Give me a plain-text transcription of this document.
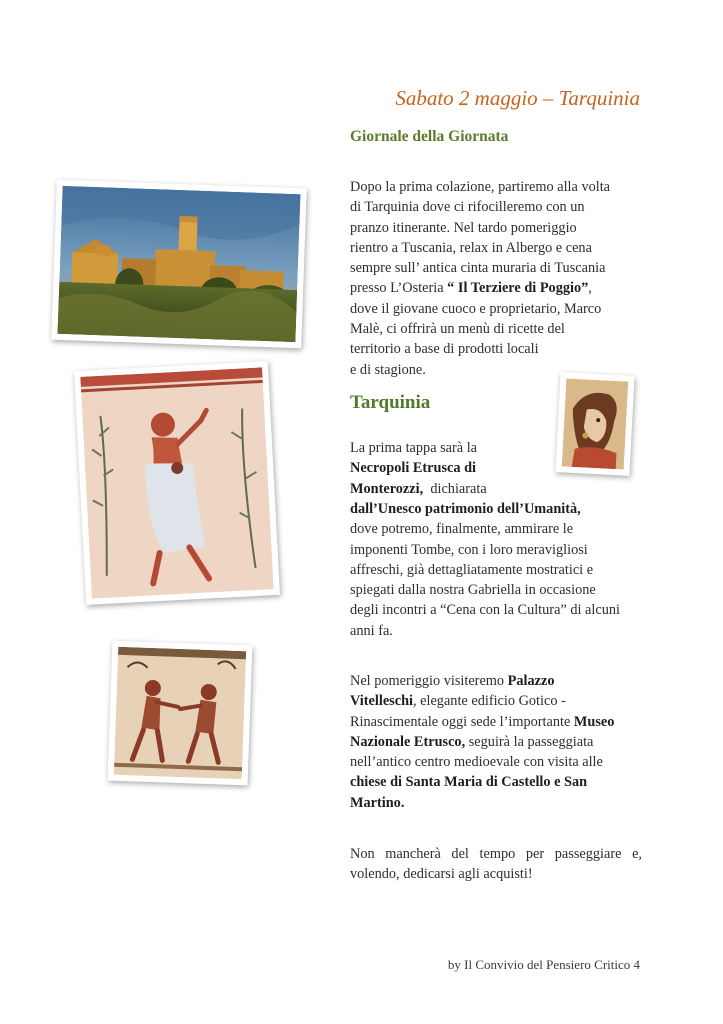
Sabato 2 maggio – Tarquinia
Giornale della Giornata
Dopo la prima colazione, partiremo alla volta
di Tarquinia dove ci rifocilleremo con un
pranzo itinerante. Nel tardo pomeriggio
rientro a Tuscania, relax in Albergo e cena
sempre sull’ antica cinta muraria di Tuscania
presso L’Osteria “ Il Terziere di Poggio”,
dove il giovane cuoco e proprietario, Marco
Malè, ci offrirà un menù di ricette del
territorio a base di prodotti locali
e di stagione.
Tarquinia
La prima tappa sarà la
Necropoli Etrusca di
Monterozzi, dichiarata
dall’Unesco patrimonio dell’Umanità,
dove potremo, finalmente, ammirare le
imponenti Tombe, con i loro meravigliosi
affreschi, già dettagliatamente mostratici e
spiegati dalla nostra Gabriella in occasione
degli incontri a “Cena con la Cultura” di alcuni
anni fa.
Nel pomeriggio visiteremo Palazzo
Vitelleschi, elegante edificio Gotico -
Rinascimentale oggi sede l’importante Museo
Nazionale Etrusco, seguirà la passeggiata
nell’antico centro medioevale con visita alle
chiese di Santa Maria di Castello e San
Martino.
Non mancherà del tempo per passeggiare e,
volendo, dedicarsi agli acquisti!
by Il Convivio del Pensiero Critico 4
